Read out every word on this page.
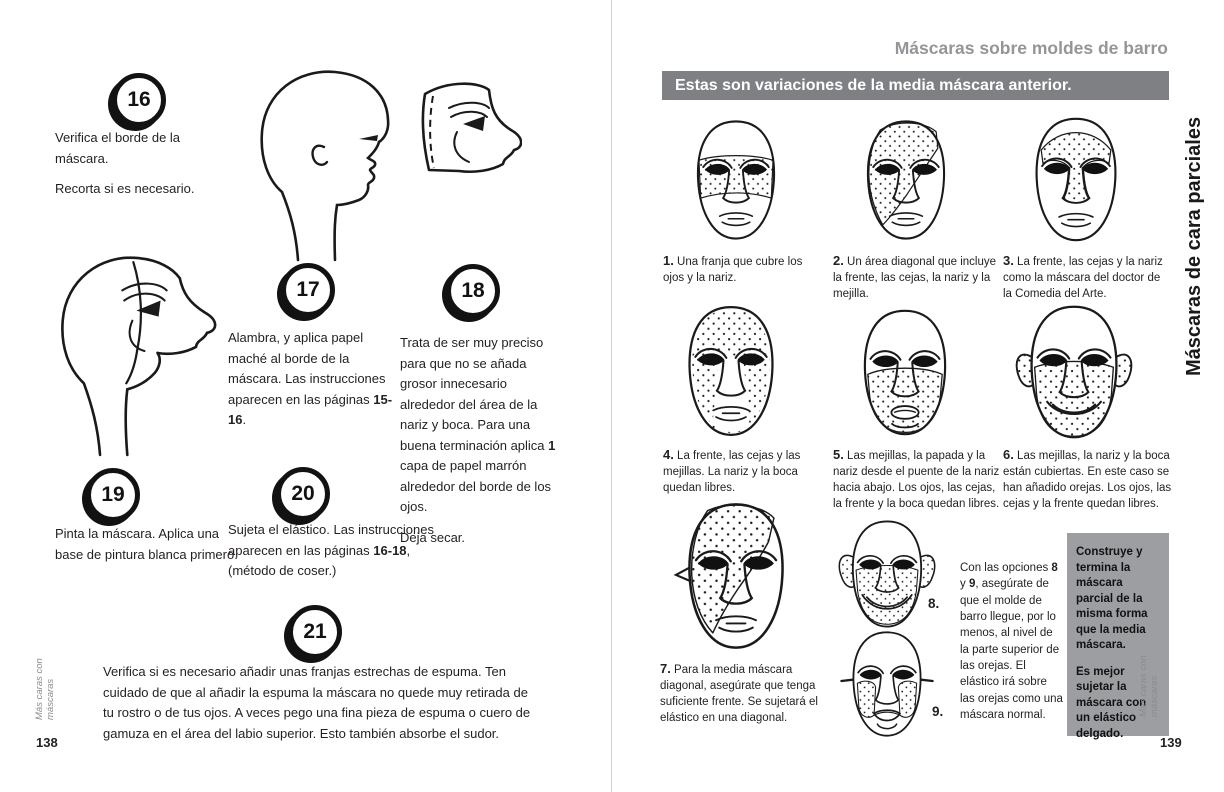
16

Verifica el borde de la máscara.

Recorta si es necesario.

17	18

Alambra, y aplica papel maché al borde de la máscara. Las instrucciones aparecen en las páginas 15-16.

Trata de ser muy preciso para que no se añada grosor innecesario alrededor del área de la nariz y boca. Para una buena terminación aplica 1 capa de papel marrón alrededor del borde de los ojos.

Deja secar.

19	20

Pinta la máscara. Aplica una base de pintura blanca primero.

Sujeta el elástico. Las instrucciones aparecen en las páginas 16-18, (método de coser.)

21

Verifica si es necesario añadir unas franjas estrechas de espuma. Ten cuidado de que al añadir la espuma la máscara no quede muy retirada de tu rostro o de tus ojos. A veces pego una fina pieza de espuma o cuero de gamuza en el área del labio superior. Esto también absorbe el sudor.

Más caras con máscaras
138
Máscaras sobre moldes de barro
Estas son variaciones de la media máscara anterior.
Máscaras de cara parciales

1. Una franja que cubre los ojos y la nariz.

2. Un área diagonal que incluye la frente, las cejas, la nariz y la mejilla.

3. La frente, las cejas y la nariz como la máscara del doctor de la Comedia del Arte.

4. La frente, las cejas y las mejillas. La nariz y la boca quedan libres.

5. Las mejillas, la papada y la nariz desde el puente de la nariz hacia abajo. Los ojos, las cejas, la frente y la boca quedan libres.

6. Las mejillas, la nariz y la boca están cubiertas. En este caso se han añadido orejas. Los ojos, las cejas y la frente quedan libres.

7. Para la media máscara diagonal, asegúrate que tenga suficiente frente. Se sujetará el elástico en una diagonal.

8.
9.
Con las opciones 8 y 9, asegúrate de que el molde de barro llegue, por lo menos, al nivel de la parte superior de las orejas. El elástico irá sobre las orejas como una máscara normal.

Construye y termina la máscara parcial de la misma forma que la media máscara.

Es mejor sujetar la máscara con un elástico delgado.

Más caras con máscaras
139
